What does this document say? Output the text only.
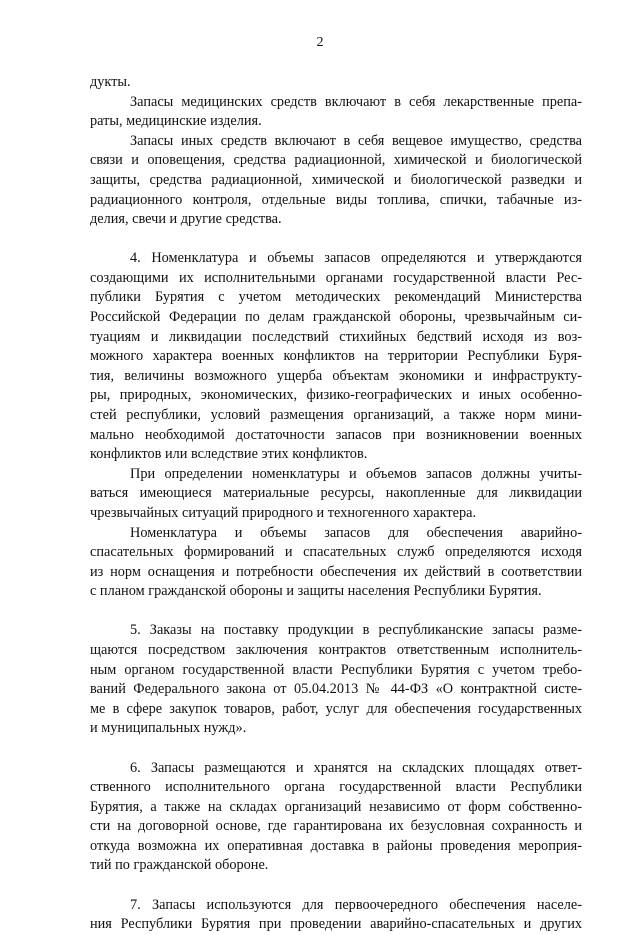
2
дукты.
Запасы медицинских средств включают в себя лекарственные препа-
раты, медицинские изделия.
Запасы иных средств включают в себя вещевое имущество, средства
связи и оповещения, средства радиационной, химической и биологической
защиты, средства радиационной, химической и биологической разведки и
радиационного контроля, отдельные виды топлива, спички, табачные из-
делия, свечи и другие средства.
4. Номенклатура и объемы запасов определяются и утверждаются
создающими их исполнительными органами государственной власти Рес-
публики Бурятия с учетом методических рекомендаций Министерства
Российской Федерации по делам гражданской обороны, чрезвычайным си-
туациям и ликвидации последствий стихийных бедствий исходя из воз-
можного характера военных конфликтов на территории Республики Буря-
тия, величины возможного ущерба объектам экономики и инфраструкту-
ры, природных, экономических, физико-географических и иных особенно-
стей республики, условий размещения организаций, а также норм мини-
мально необходимой достаточности запасов при возникновении военных
конфликтов или вследствие этих конфликтов.
При определении номенклатуры и объемов запасов должны учиты-
ваться имеющиеся материальные ресурсы, накопленные для ликвидации
чрезвычайных ситуаций природного и техногенного характера.
Номенклатура и объемы запасов для обеспечения аварийно-
спасательных формирований и спасательных служб определяются исходя
из норм оснащения и потребности обеспечения их действий в соответствии
с планом гражданской обороны и защиты населения Республики Бурятия.
5. Заказы на поставку продукции в республиканские запасы разме-
щаются посредством заключения контрактов ответственным исполнитель-
ным органом государственной власти Республики Бурятия с учетом требо-
ваний Федерального закона от 05.04.2013 № 44-ФЗ «О контрактной систе-
ме в сфере закупок товаров, работ, услуг для обеспечения государственных
и муниципальных нужд».
6. Запасы размещаются и хранятся на складских площадях ответ-
ственного исполнительного органа государственной власти Республики
Бурятия, а также на складах организаций независимо от форм собственно-
сти на договорной основе, где гарантирована их безусловная сохранность и
откуда возможна их оперативная доставка в районы проведения мероприя-
тий по гражданской обороне.
7. Запасы используются для первоочередного обеспечения населе-
ния Республики Бурятия при проведении аварийно-спасательных и других
